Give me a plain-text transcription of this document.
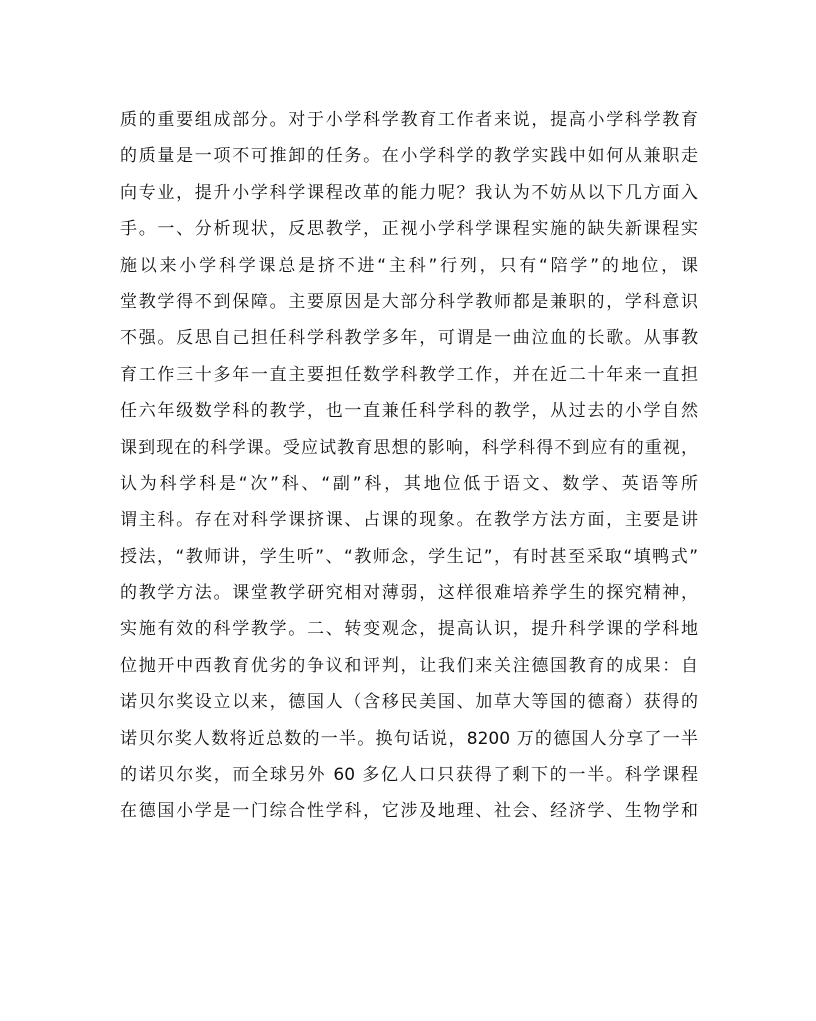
质的重要组成部分。对于小学科学教育工作者来说，提高小学科学教育
的质量是一项不可推卸的任务。在小学科学的教学实践中如何从兼职走
向专业，提升小学科学课程改革的能力呢？我认为不妨从以下几方面入
手。一、分析现状，反思教学，正视小学科学课程实施的缺失新课程实
施以来小学科学课总是挤不进“主科”行列，只有“陪学”的地位，课
堂教学得不到保障。主要原因是大部分科学教师都是兼职的，学科意识
不强。反思自己担任科学科教学多年，可谓是一曲泣血的长歌。从事教
育工作三十多年一直主要担任数学科教学工作，并在近二十年来一直担
任六年级数学科的教学，也一直兼任科学科的教学，从过去的小学自然
课到现在的科学课。受应试教育思想的影响，科学科得不到应有的重视，
认为科学科是“次”科、“副”科，其地位低于语文、数学、英语等所
谓主科。存在对科学课挤课、占课的现象。在教学方法方面，主要是讲
授法，“教师讲，学生听”、“教师念，学生记”，有时甚至采取“填鸭式”
的教学方法。课堂教学研究相对薄弱，这样很难培养学生的探究精神，
实施有效的科学教学。二、转变观念，提高认识，提升科学课的学科地
位抛开中西教育优劣的争议和评判，让我们来关注德国教育的成果：自
诺贝尔奖设立以来，德国人（含移民美国、加草大等国的德裔）获得的
诺贝尔奖人数将近总数的一半。换句话说，8200 万的德国人分享了一半
的诺贝尔奖，而全球另外 60 多亿人口只获得了剩下的一半。科学课程
在德国小学是一门综合性学科，它涉及地理、社会、经济学、生物学和
